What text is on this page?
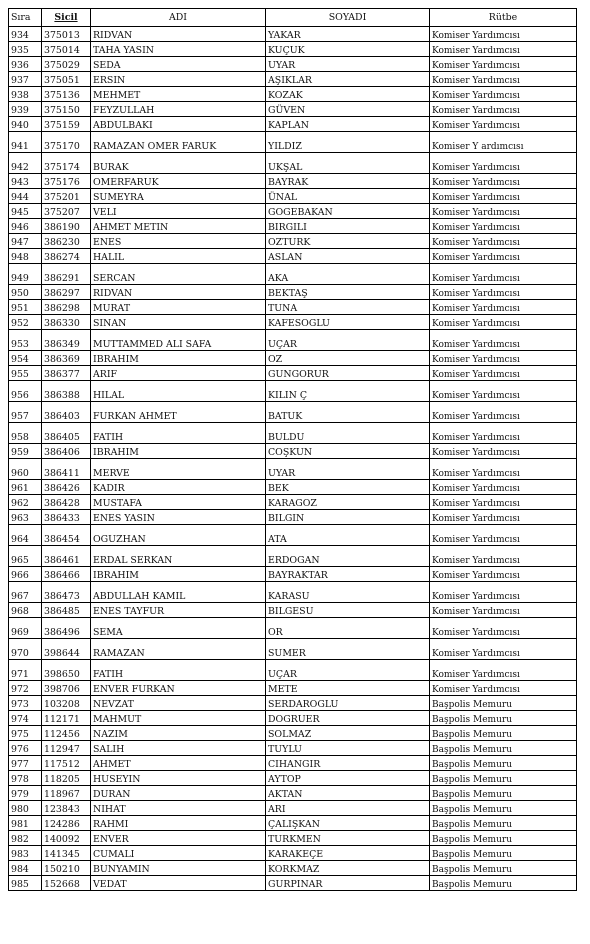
Sıra	Sicil	ADI	SOYADI	Rütbe
934	375013	RIDVAN	YAKAR	Komiser Yardımcısı
935	375014	TAHA YASIN	KUÇUK	Komiser Yardımcısı
936	375029	SEDA	UYAR	Komiser Yardımcısı
937	375051	ERSIN	AŞIKLAR	Komiser Yardımcısı
938	375136	MEHMET	KOZAK	Komiser Yardımcısı
939	375150	FEYZULLAH	GÜVEN	Komiser Yardımcısı
940	375159	ABDULBAKI	KAPLAN	Komiser Yardımcısı
941	375170	RAMAZAN OMER FARUK	YILDIZ	Komiser Y ardımcısı
942	375174	BURAK	UKŞAL	Komiser Yardımcısı
943	375176	OMERFARUK	BAYRAK	Komiser Yardımcısı
944	375201	SUMEYRA	ÜNAL	Komiser Yardımcısı
945	375207	VELI	GOGEBAKAN	Komiser Yardımcısı
946	386190	AHMET METIN	BIRGILI	Komiser Yardımcısı
947	386230	ENES	OZTURK	Komiser Yardımcısı
948	386274	HALIL	ASLAN	Komiser Yardımcısı
949	386291	SERCAN	AKA	Komiser Yardımcısı
950	386297	RIDVAN	BEKTAŞ	Komiser Yardımcısı
951	386298	MURAT	TUNA	Komiser Yardımcısı
952	386330	SINAN	KAFESOGLU	Komiser Yardımcısı
953	386349	MUTTAMMED ALI SAFA	UÇAR	Komiser Yardımcısı
954	386369	IBRAHIM	OZ	Komiser Yardımcısı
955	386377	ARIF	GUNGORUR	Komiser Yardımcısı
956	386388	HILAL	KILIN Ç	Komiser Yardımcısı
957	386403	FURKAN AHMET	BATUK	Komiser Yardımcısı
958	386405	FATIH	BULDU	Komiser Yardımcısı
959	386406	IBRAHIM	COŞKUN	Komiser Yardımcısı
960	386411	MERVE	UYAR	Komiser Yardımcısı
961	386426	KADIR	BEK	Komiser Yardımcısı
962	386428	MUSTAFA	KARAGOZ	Komiser Yardımcısı
963	386433	ENES YASIN	BILGIN	Komiser Yardımcısı
964	386454	OGUZHAN	ATA	Komiser Yardımcısı
965	386461	ERDAL SERKAN	ERDOGAN	Komiser Yardımcısı
966	386466	IBRAHIM	BAYRAKTAR	Komiser Yardımcısı
967	386473	ABDULLAH KAMIL	KARASU	Komiser Yardımcısı
968	386485	ENES TAYFUR	BILGESU	Komiser Yardımcısı
969	386496	SEMA	OR	Komiser Yardımcısı
970	398644	RAMAZAN	SUMER	Komiser Yardımcısı
971	398650	FATIH	UÇAR	Komiser Yardımcısı
972	398706	ENVER FURKAN	METE	Komiser Yardımcısı
973	103208	NEVZAT	SERDAROGLU	Başpolis Memuru
974	112171	MAHMUT	DOGRUER	Başpolis Memuru
975	112456	NAZIM	SOLMAZ	Başpolis Memuru
976	112947	SALIH	TUYLU	Başpolis Memuru
977	117512	AHMET	CIHANGIR	Başpolis Memuru
978	118205	HUSEYIN	AYTOP	Başpolis Memuru
979	118967	DURAN	AKTAN	Başpolis Memuru
980	123843	NIHAT	ARI	Başpolis Memuru
981	124286	RAHMI	ÇALIŞKAN	Başpolis Memuru
982	140092	ENVER	TURKMEN	Başpolis Memuru
983	141345	CUMALI	KARAKEÇE	Başpolis Memuru
984	150210	BUNYAMIN	KORKMAZ	Başpolis Memuru
985	152668	VEDAT	GURPINAR	Başpolis Memuru
